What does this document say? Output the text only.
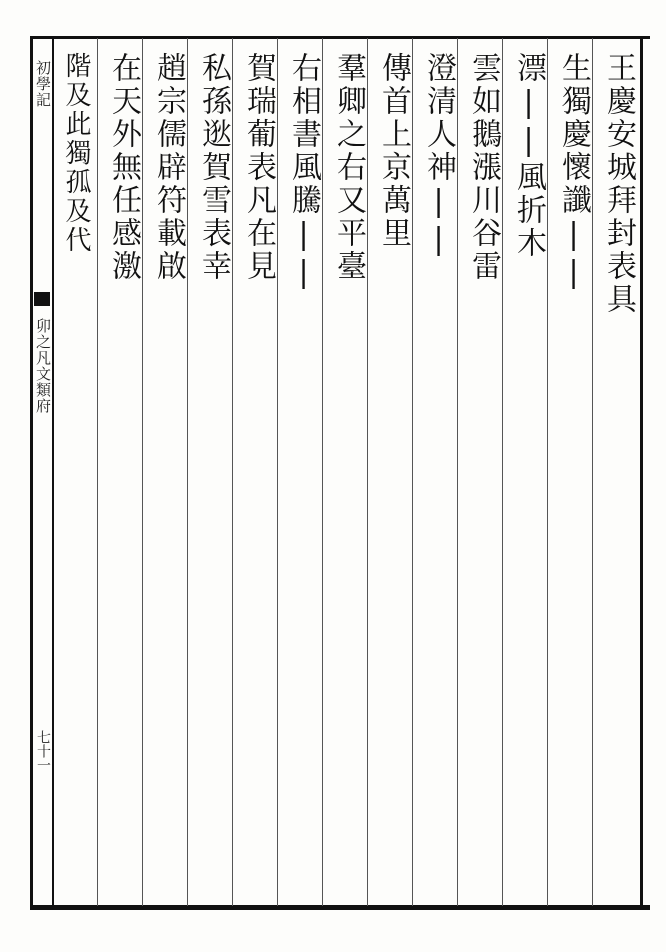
初學記
卯之凡文類府
七十一
王慶安城拜封表具
生獨慶懷讖||
漂||風折木
雲如鵝漲川谷雷
澄清人神||
傳首上京萬里
羣卿之右又平臺
右相書風騰||
賀瑞葡表凡在見
私孫逖賀雪表幸
趙宗儒辟符載啟
在天外無任感激
階及此獨孤及代
